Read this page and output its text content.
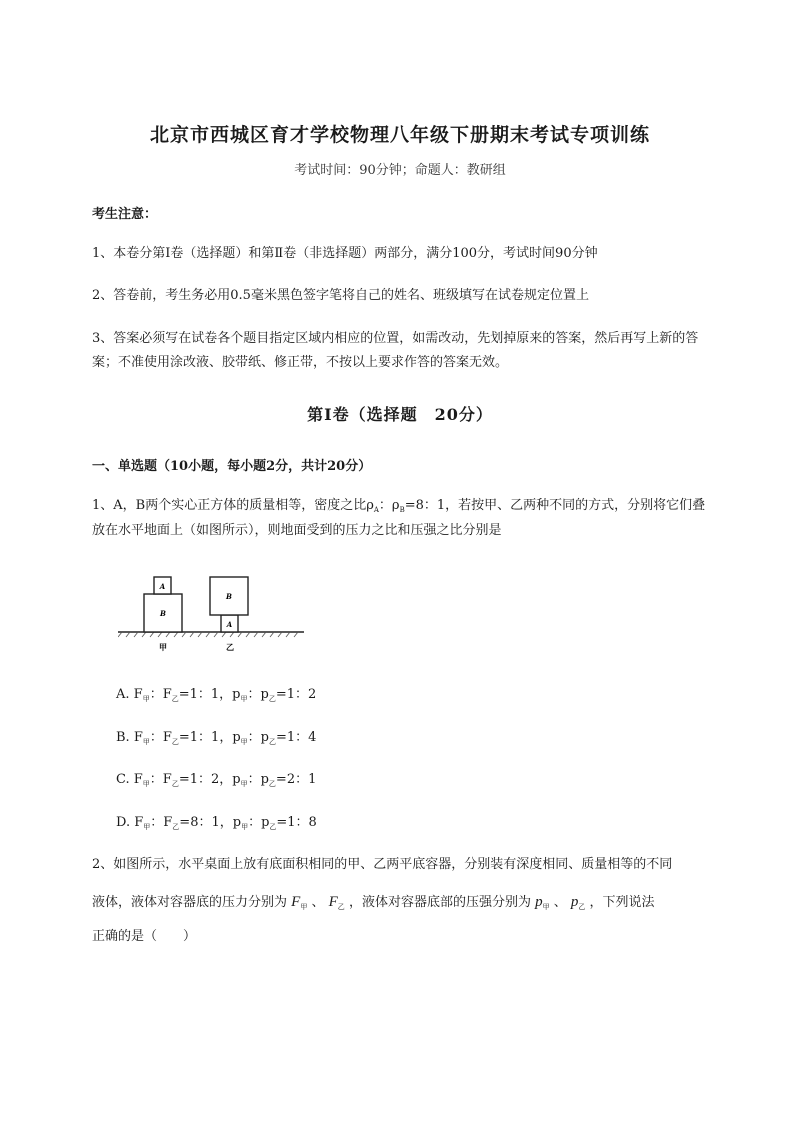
北京市西城区育才学校物理八年级下册期末考试专项训练
考试时间：90分钟；命题人：教研组
考生注意：
1、本卷分第Ⅰ卷（选择题）和第Ⅱ卷（非选择题）两部分，满分100分，考试时间90分钟
2、答卷前，考生务必用0.5毫米黑色签字笔将自己的姓名、班级填写在试卷规定位置上
3、答案必须写在试卷各个题目指定区域内相应的位置，如需改动，先划掉原来的答案，然后再写上新的答案；不准使用涂改液、胶带纸、修正带，不按以上要求作答的答案无效。
第Ⅰ卷（选择题　20分）
一、单选题（10小题，每小题2分，共计20分）
1、A，B两个实心正方体的质量相等，密度之比$\rho_A$：$\rho_B=8$：1，若按甲、乙两种不同的方式，分别将它们叠放在水平地面上（如图所示），则地面受到的压力之比和压强之比分别是
B
A
A
B
甲	乙
A. $F_甲$：$F_乙=1$：1，$p_甲$：$p_乙=1$：2
B. $F_甲$：$F_乙=1$：1，$p_甲$：$p_乙=1$：4
C. $F_甲$：$F_乙=1$：2，$p_甲$：$p_乙=2$：1
D. $F_甲$：$F_乙=8$：1，$p_甲$：$p_乙=1$：8
2、如图所示，水平桌面上放有底面积相同的甲、乙两平底容器，分别装有深度相同、质量相等的不同
液体，液体对容器底的压力分别为 $F_甲$ 、 $F_乙$ ，液体对容器底部的压强分别为 $p_甲$ 、 $p_乙$ ，下列说法
正确的是（　　）
